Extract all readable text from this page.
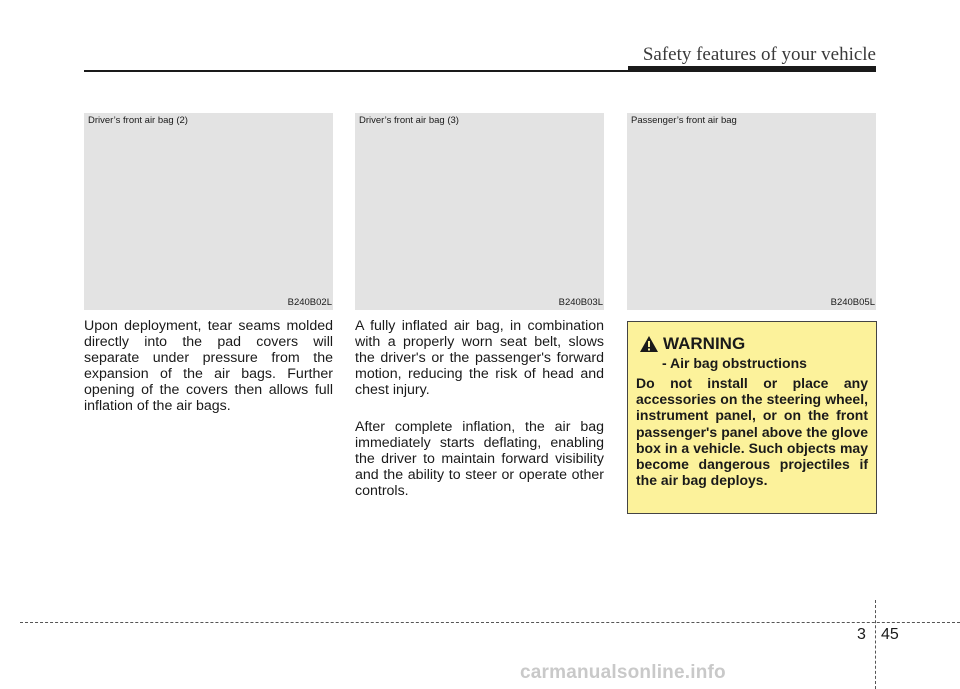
Safety features of your vehicle
Driver’s front air bag (2)
B240B02L
Driver’s front air bag (3)
B240B03L
Passenger’s front air bag
B240B05L

Upon deployment, tear seams molded directly into the pad covers will separate under pressure from the expansion of the air bags. Further opening of the covers then allows full inflation of the air bags.

A fully inflated air bag, in combination with a properly worn seat belt, slows the driver's or the passenger's forward motion, reducing the risk of head and chest injury.

After complete inflation, the air bag immediately starts deflating, enabling the driver to maintain forward visibility and the ability to steer or operate other controls.

WARNING
- Air bag obstructions

Do not install or place any accessories on the steering wheel, instrument panel, or on the front passenger's panel above the glove box in a vehicle. Such objects may become dangerous projectiles if the air bag deploys.

3 45
carmanualsonline.info
